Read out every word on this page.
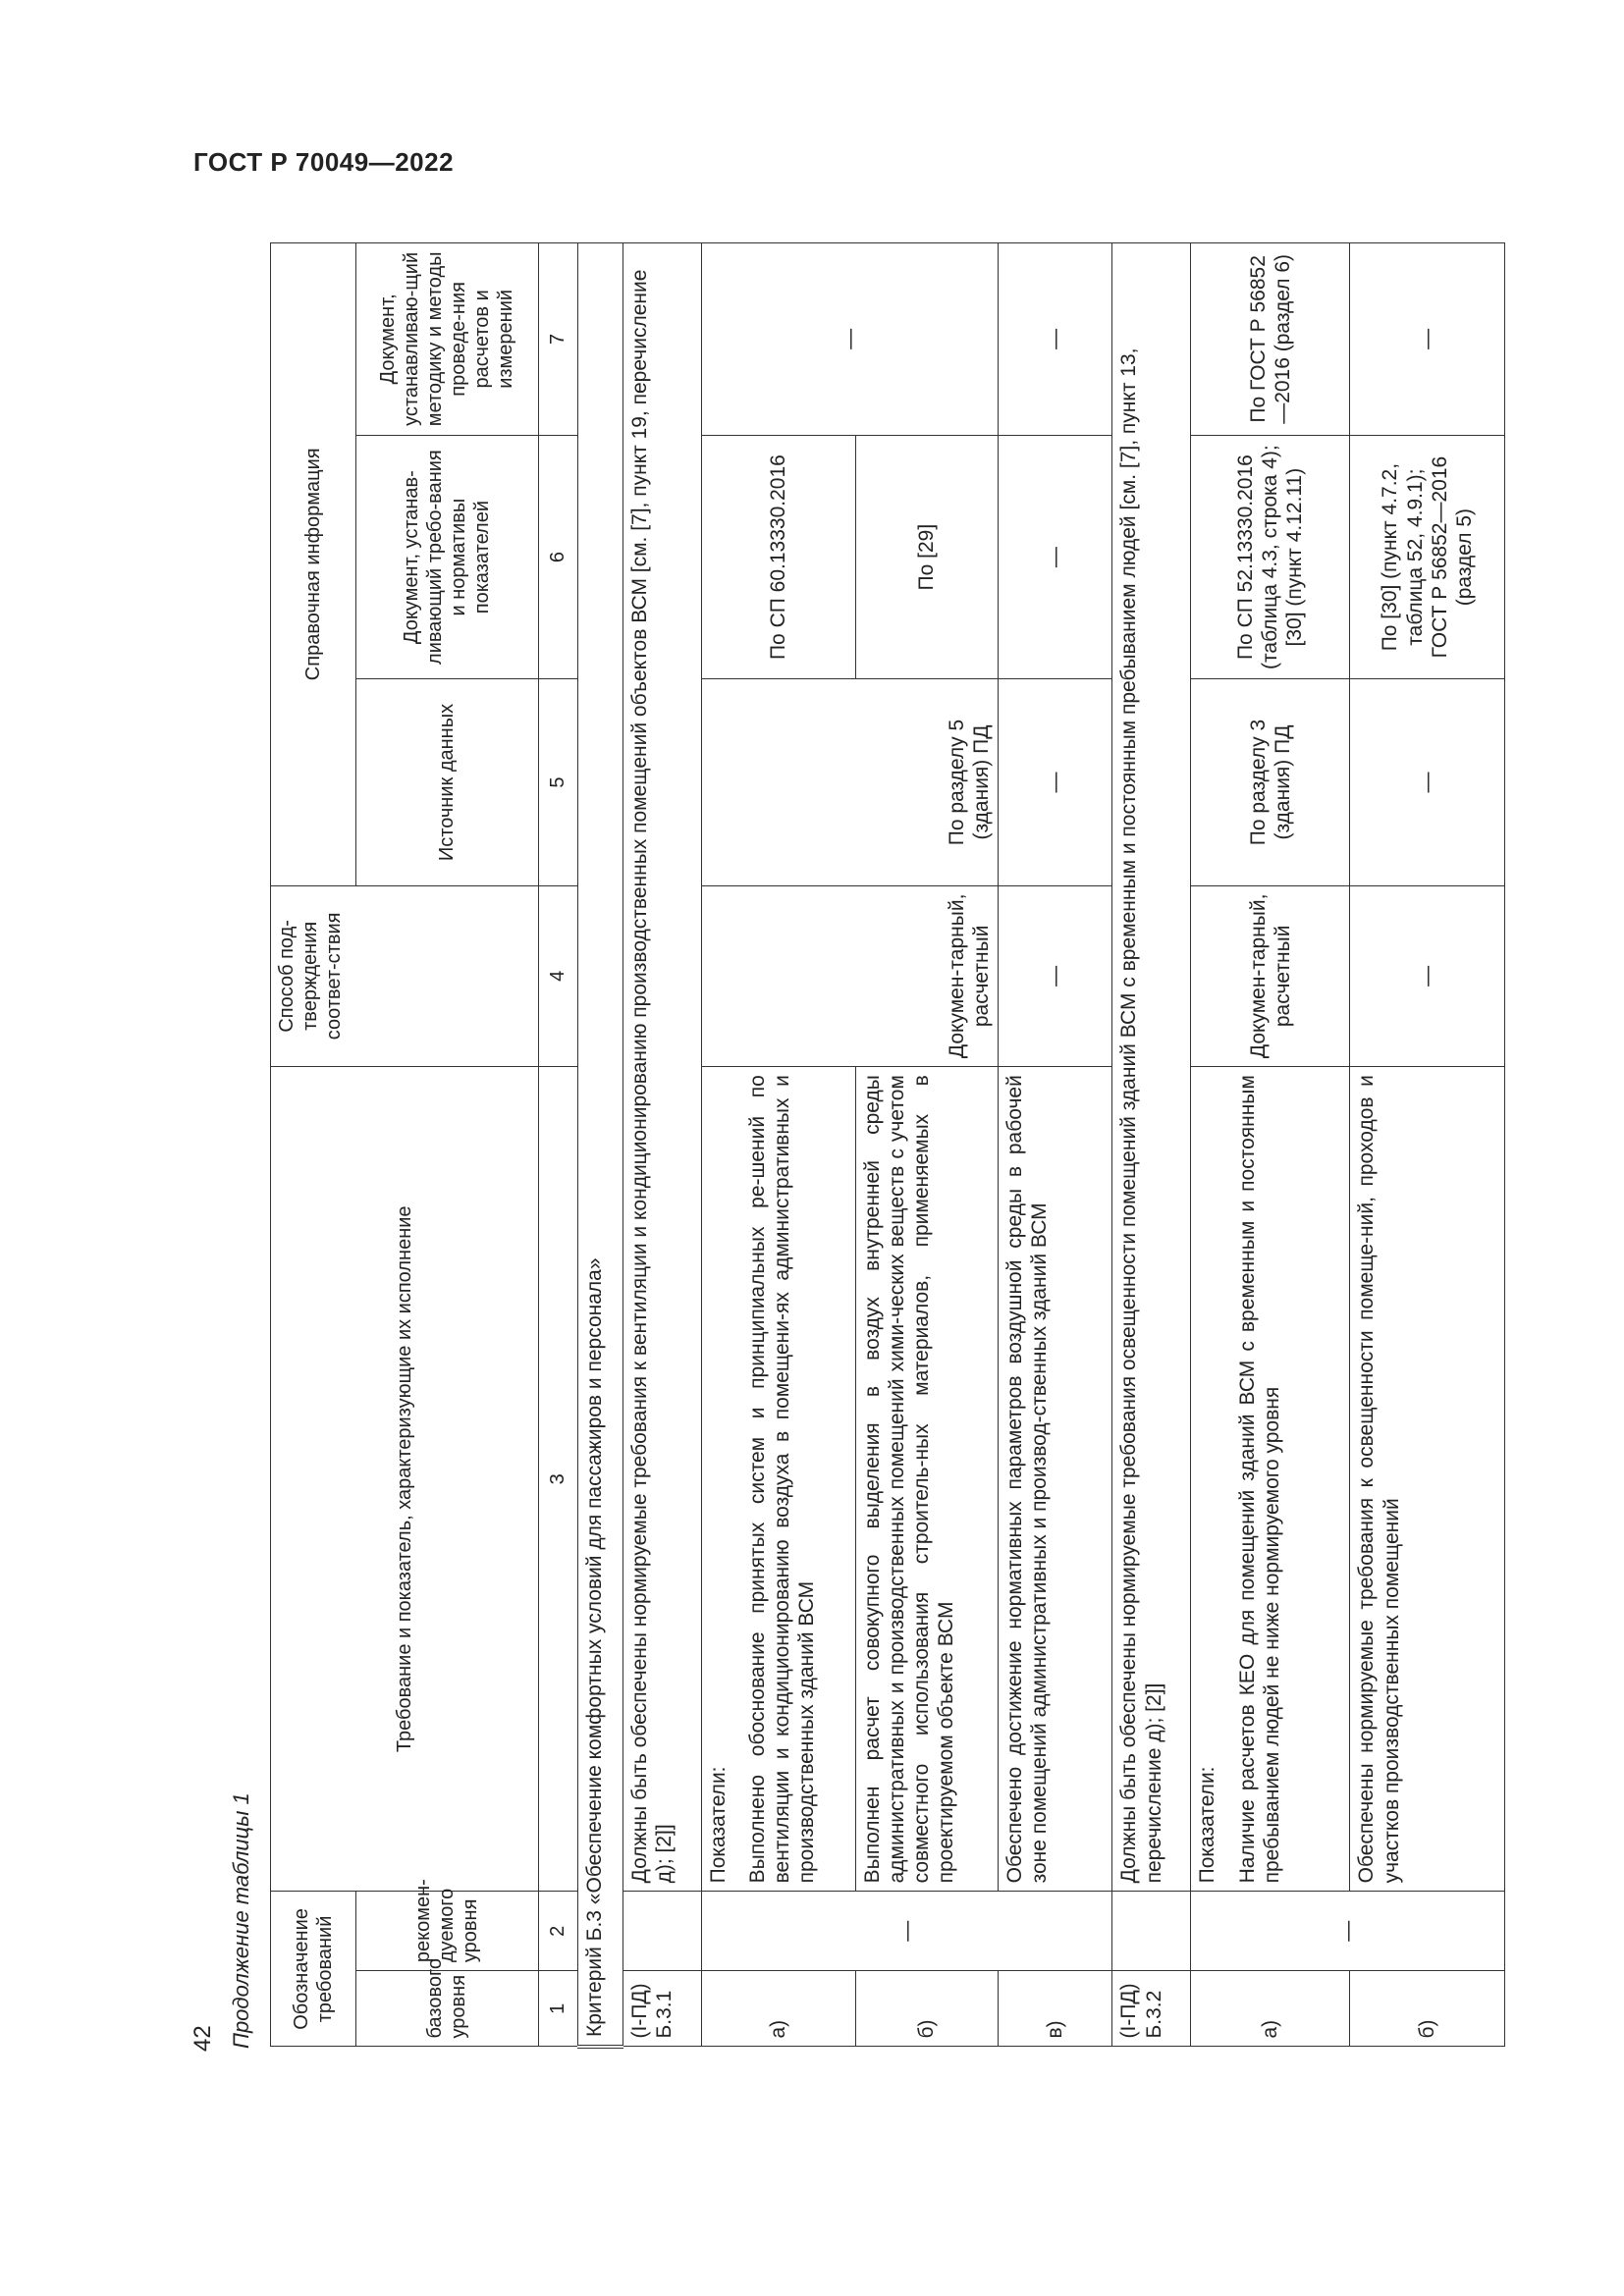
ГОСТ Р 70049—2022
42 Продолжение таблицы 1	Обозначение требований		Требование и показатель, характеризующие их исполнение	Способ под-тверждения соответ-ствия	Справочная информация		
базового уровня	рекомен-дуемого уровня			Источник данных	Документ, устанав-ливающий требо-вания и нормативы показателей	Документ, устанавливаю-щий методику и методы проведе-ния расчетов и измерений
1	2	3	4	5	6	7
Критерий Б.3 «Обеспечение комфортных условий для пассажиров и персонала»						
(I-ПД) Б.3.1		Должны быть обеспечены нормируемые требования к вентиляции и кондиционированию производственных помещений объектов ВСМ [см. [7], пункт 19, перечисление д); [2]]				
а)	—	Показатели:	Докумен-тарный, расчетный	По разделу 5 (здания) ПД	По СП 60.13330.2016	—
		Выполнено обоснование принятых систем и принципиальных ре-шений по вентиляции и кондиционированию воздуха в помещени-ях административных и производственных зданий ВСМ				
б)		Выполнен расчет совокупного выделения в воздух внутренней среды административных и производственных помещений хими-ческих веществ с учетом совместного использования строитель-ных материалов, применяемых в проектируемом объекте ВСМ			По [29]	
в)		Обеспечено достижение нормативных параметров воздушной среды в рабочей зоне помещений административных и производ-ственных зданий ВСМ	—	—	—	—
(I-ПД) Б.3.2		Должны быть обеспечены нормируемые требования освещенности помещений зданий ВСМ с временным и постоянным пребыванием людей [см. [7], пункт 13, перечисление д); [2]]				
а)	—	Показатели:	Докумен-тарный, расчетный	По разделу 3 (здания) ПД	По СП 52.13330.2016 (таблица 4.3, строка 4); [30] (пункт 4.12.11)	По ГОСТ Р 56852—2016 (раздел 6)
		Наличие расчетов КЕО для помещений зданий ВСМ с временным и постоянным пребыванием людей не ниже нормируемого уровня				
б)		Обеспечены нормируемые требования к освещенности помеще-ний, проходов и участков производственных помещений	—	—	По [30] (пункт 4.7.2, таблица 52, 4.9.1); ГОСТ Р 56852—2016 (раздел 5)	—
